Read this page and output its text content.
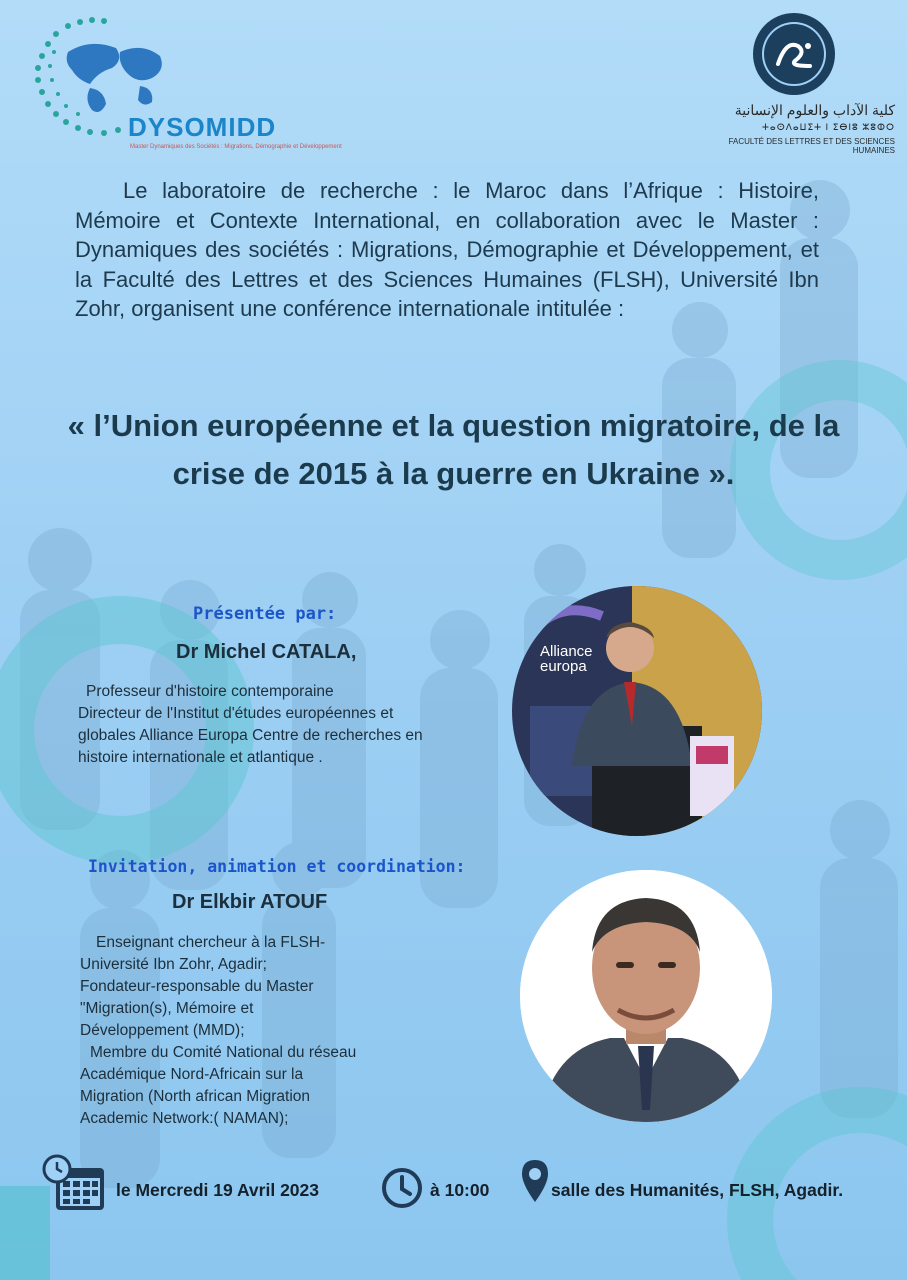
DYSOMIDD
Master Dynamiques des Sociétés : Migrations, Démographie et Développement
كلية الآداب والعلوم الإنسانية
ⵜⴰⵙⴷⴰⵡⵉⵜ ⵏ ⵉⴱⵏⵓ ⵣⵓⵀⵔ
FACULTÉ DES LETTRES ET DES SCIENCES HUMAINES

Le laboratoire de recherche : le Maroc dans l’Afrique : Histoire, Mémoire et Contexte International, en collaboration avec le Master : Dynamiques des sociétés : Migrations, Démographie et Développement, et la Faculté des Lettres et des Sciences Humaines (FLSH), Université Ibn Zohr, organisent une conférence internationale intitulée :

« l’Union européenne et la question migratoire, de la crise de 2015 à la guerre en Ukraine ».
Présentée par:
Dr Michel CATALA,

Professeur d'histoire contemporaine

Directeur de l'Institut d'études européennes et

globales Alliance Europa Centre de recherches en

histoire internationale et atlantique .

Alliance europa
Invitation, animation et coordination:
Dr Elkbir ATOUF

Enseignant chercheur à la FLSH-

Université Ibn Zohr, Agadir;

Fondateur-responsable du Master

"Migration(s), Mémoire et

Développement (MMD);

Membre du Comité National du réseau

Académique Nord-Africain sur la

Migration (North african Migration

Academic Network:( NAMAN);

le Mercredi 19 Avril 2023	à 10:00	salle des Humanités, FLSH, Agadir.
